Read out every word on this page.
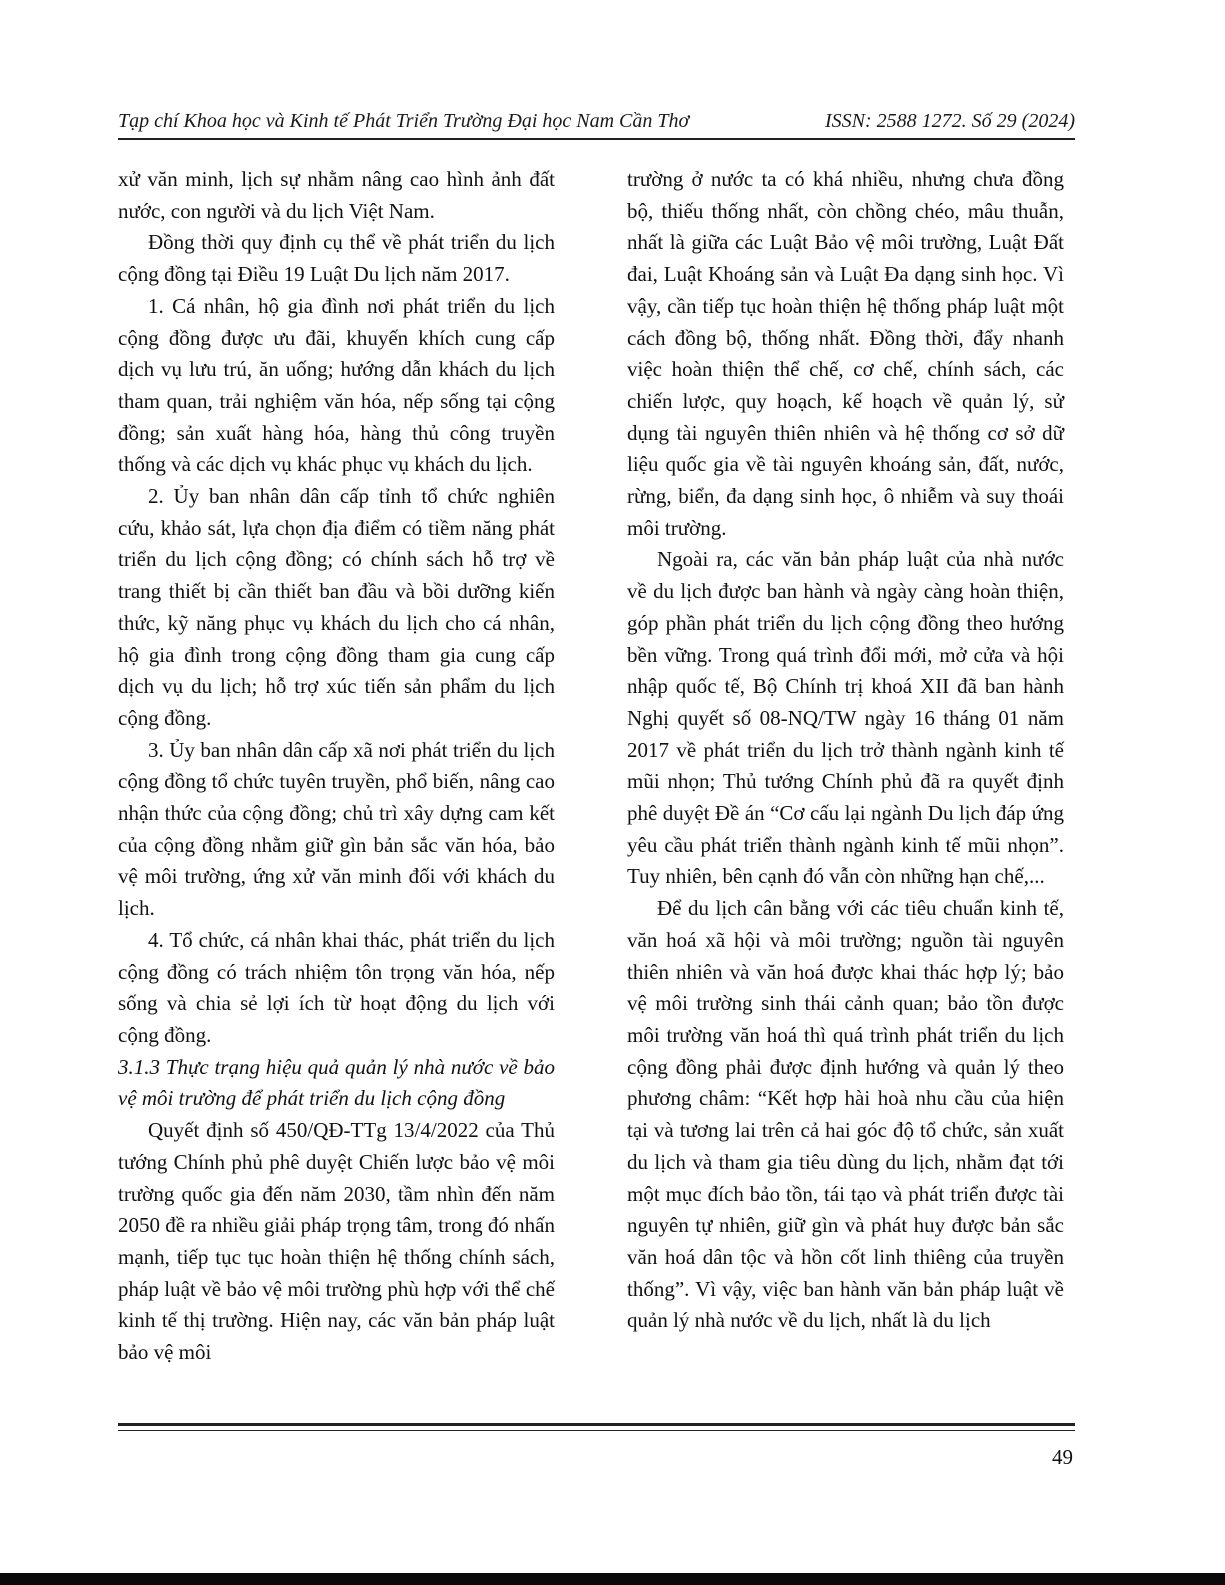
Tạp chí Khoa học và Kinh tế Phát Triển Trường Đại học Nam Cần Thơ	ISSN: 2588 1272. Số 29 (2024)

xử văn minh, lịch sự nhằm nâng cao hình ảnh đất nước, con người và du lịch Việt Nam.

Đồng thời quy định cụ thể về phát triển du lịch cộng đồng tại Điều 19 Luật Du lịch năm 2017.

1. Cá nhân, hộ gia đình nơi phát triển du lịch cộng đồng được ưu đãi, khuyến khích cung cấp dịch vụ lưu trú, ăn uống; hướng dẫn khách du lịch tham quan, trải nghiệm văn hóa, nếp sống tại cộng đồng; sản xuất hàng hóa, hàng thủ công truyền thống và các dịch vụ khác phục vụ khách du lịch.

2. Ủy ban nhân dân cấp tỉnh tổ chức nghiên cứu, khảo sát, lựa chọn địa điểm có tiềm năng phát triển du lịch cộng đồng; có chính sách hỗ trợ về trang thiết bị cần thiết ban đầu và bồi dưỡng kiến thức, kỹ năng phục vụ khách du lịch cho cá nhân, hộ gia đình trong cộng đồng tham gia cung cấp dịch vụ du lịch; hỗ trợ xúc tiến sản phẩm du lịch cộng đồng.

3. Ủy ban nhân dân cấp xã nơi phát triển du lịch cộng đồng tổ chức tuyên truyền, phổ biến, nâng cao nhận thức của cộng đồng; chủ trì xây dựng cam kết của cộng đồng nhằm giữ gìn bản sắc văn hóa, bảo vệ môi trường, ứng xử văn minh đối với khách du lịch.

4. Tổ chức, cá nhân khai thác, phát triển du lịch cộng đồng có trách nhiệm tôn trọng văn hóa, nếp sống và chia sẻ lợi ích từ hoạt động du lịch với cộng đồng.

3.1.3 Thực trạng hiệu quả quản lý nhà nước về bảo vệ môi trường để phát triển du lịch cộng đồng

Quyết định số 450/QĐ-TTg 13/4/2022 của Thủ tướng Chính phủ phê duyệt Chiến lược bảo vệ môi trường quốc gia đến năm 2030, tầm nhìn đến năm 2050 đề ra nhiều giải pháp trọng tâm, trong đó nhấn mạnh, tiếp tục tục hoàn thiện hệ thống chính sách, pháp luật về bảo vệ môi trường phù hợp với thể chế kinh tế thị trường. Hiện nay, các văn bản pháp luật bảo vệ môi

trường ở nước ta có khá nhiều, nhưng chưa đồng bộ, thiếu thống nhất, còn chồng chéo, mâu thuẫn, nhất là giữa các Luật Bảo vệ môi trường, Luật Đất đai, Luật Khoáng sản và Luật Đa dạng sinh học. Vì vậy, cần tiếp tục hoàn thiện hệ thống pháp luật một cách đồng bộ, thống nhất. Đồng thời, đẩy nhanh việc hoàn thiện thể chế, cơ chế, chính sách, các chiến lược, quy hoạch, kế hoạch về quản lý, sử dụng tài nguyên thiên nhiên và hệ thống cơ sở dữ liệu quốc gia về tài nguyên khoáng sản, đất, nước, rừng, biển, đa dạng sinh học, ô nhiễm và suy thoái môi trường.

Ngoài ra, các văn bản pháp luật của nhà nước về du lịch được ban hành và ngày càng hoàn thiện, góp phần phát triển du lịch cộng đồng theo hướng bền vững. Trong quá trình đổi mới, mở cửa và hội nhập quốc tế, Bộ Chính trị khoá XII đã ban hành Nghị quyết số 08-NQ/TW ngày 16 tháng 01 năm 2017 về phát triển du lịch trở thành ngành kinh tế mũi nhọn; Thủ tướng Chính phủ đã ra quyết định phê duyệt Đề án “Cơ cấu lại ngành Du lịch đáp ứng yêu cầu phát triển thành ngành kinh tế mũi nhọn”. Tuy nhiên, bên cạnh đó vẫn còn những hạn chế,...

Để du lịch cân bằng với các tiêu chuẩn kinh tế, văn hoá xã hội và môi trường; nguồn tài nguyên thiên nhiên và văn hoá được khai thác hợp lý; bảo vệ môi trường sinh thái cảnh quan; bảo tồn được môi trường văn hoá thì quá trình phát triển du lịch cộng đồng phải được định hướng và quản lý theo phương châm: “Kết hợp hài hoà nhu cầu của hiện tại và tương lai trên cả hai góc độ tổ chức, sản xuất du lịch và tham gia tiêu dùng du lịch, nhằm đạt tới một mục đích bảo tồn, tái tạo và phát triển được tài nguyên tự nhiên, giữ gìn và phát huy được bản sắc văn hoá dân tộc và hồn cốt linh thiêng của truyền thống”. Vì vậy, việc ban hành văn bản pháp luật về quản lý nhà nước về du lịch, nhất là du lịch

49
